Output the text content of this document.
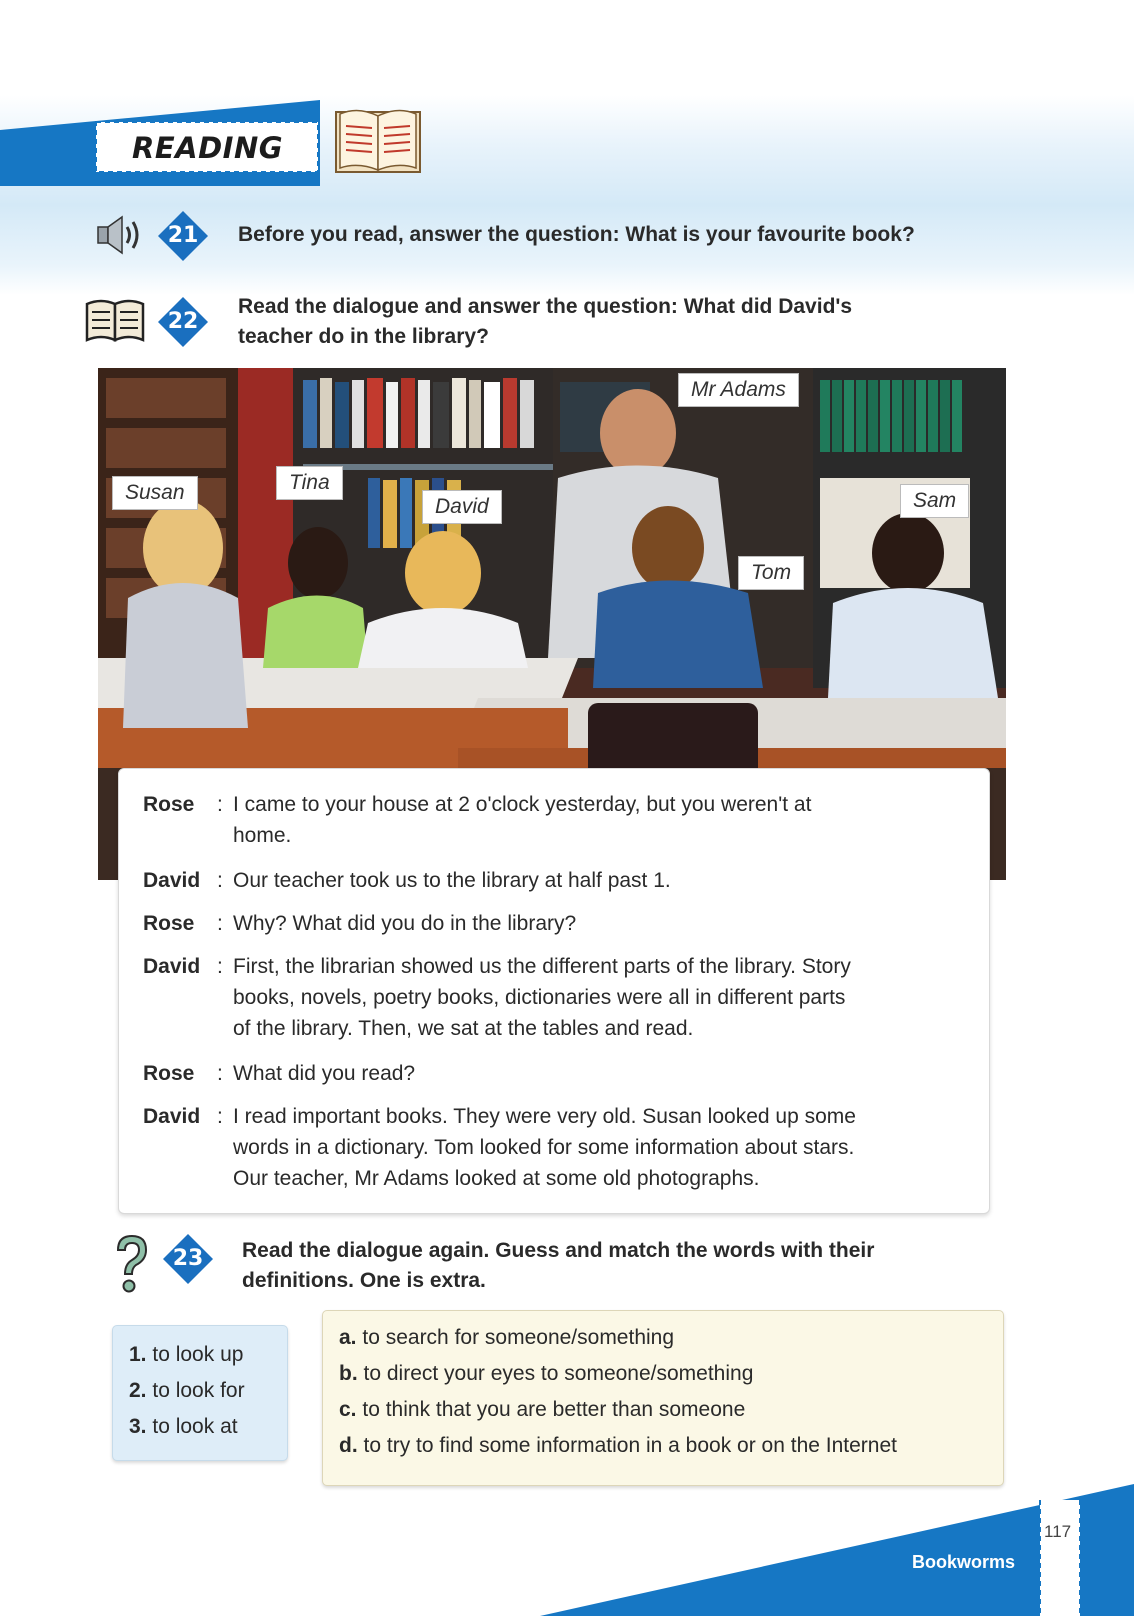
READING
21	Before you read, answer the question: What is your favourite book?
22
Read the dialogue and answer the question: What did David's
teacher do in the library?
Mr Adams
Susan	Tina
David	Sam
Tom
Rose	: I came to your house at 2 o'clock yesterday, but you weren't at
home.
David : Our teacher took us to the library at half past 1.
Rose	: Why? What did you do in the library?
David : First, the librarian showed us the different parts of the library. Story
books, novels, poetry books, dictionaries were all in different parts
of the library. Then, we sat at the tables and read.
Rose	: What did you read?
David : I read important books. They were very old. Susan looked up some
words in a dictionary. Tom looked for some information about stars.
Our teacher, Mr Adams looked at some old photographs.
23	Read the dialogue again. Guess and match the words with their
definitions. One is extra.
1. to look up
2. to look for
3. to look at
a. to search for someone/something
b. to direct your eyes to someone/something
c. to think that you are better than someone
d. to try to find some information in a book or on the Internet
117
Bookworms
